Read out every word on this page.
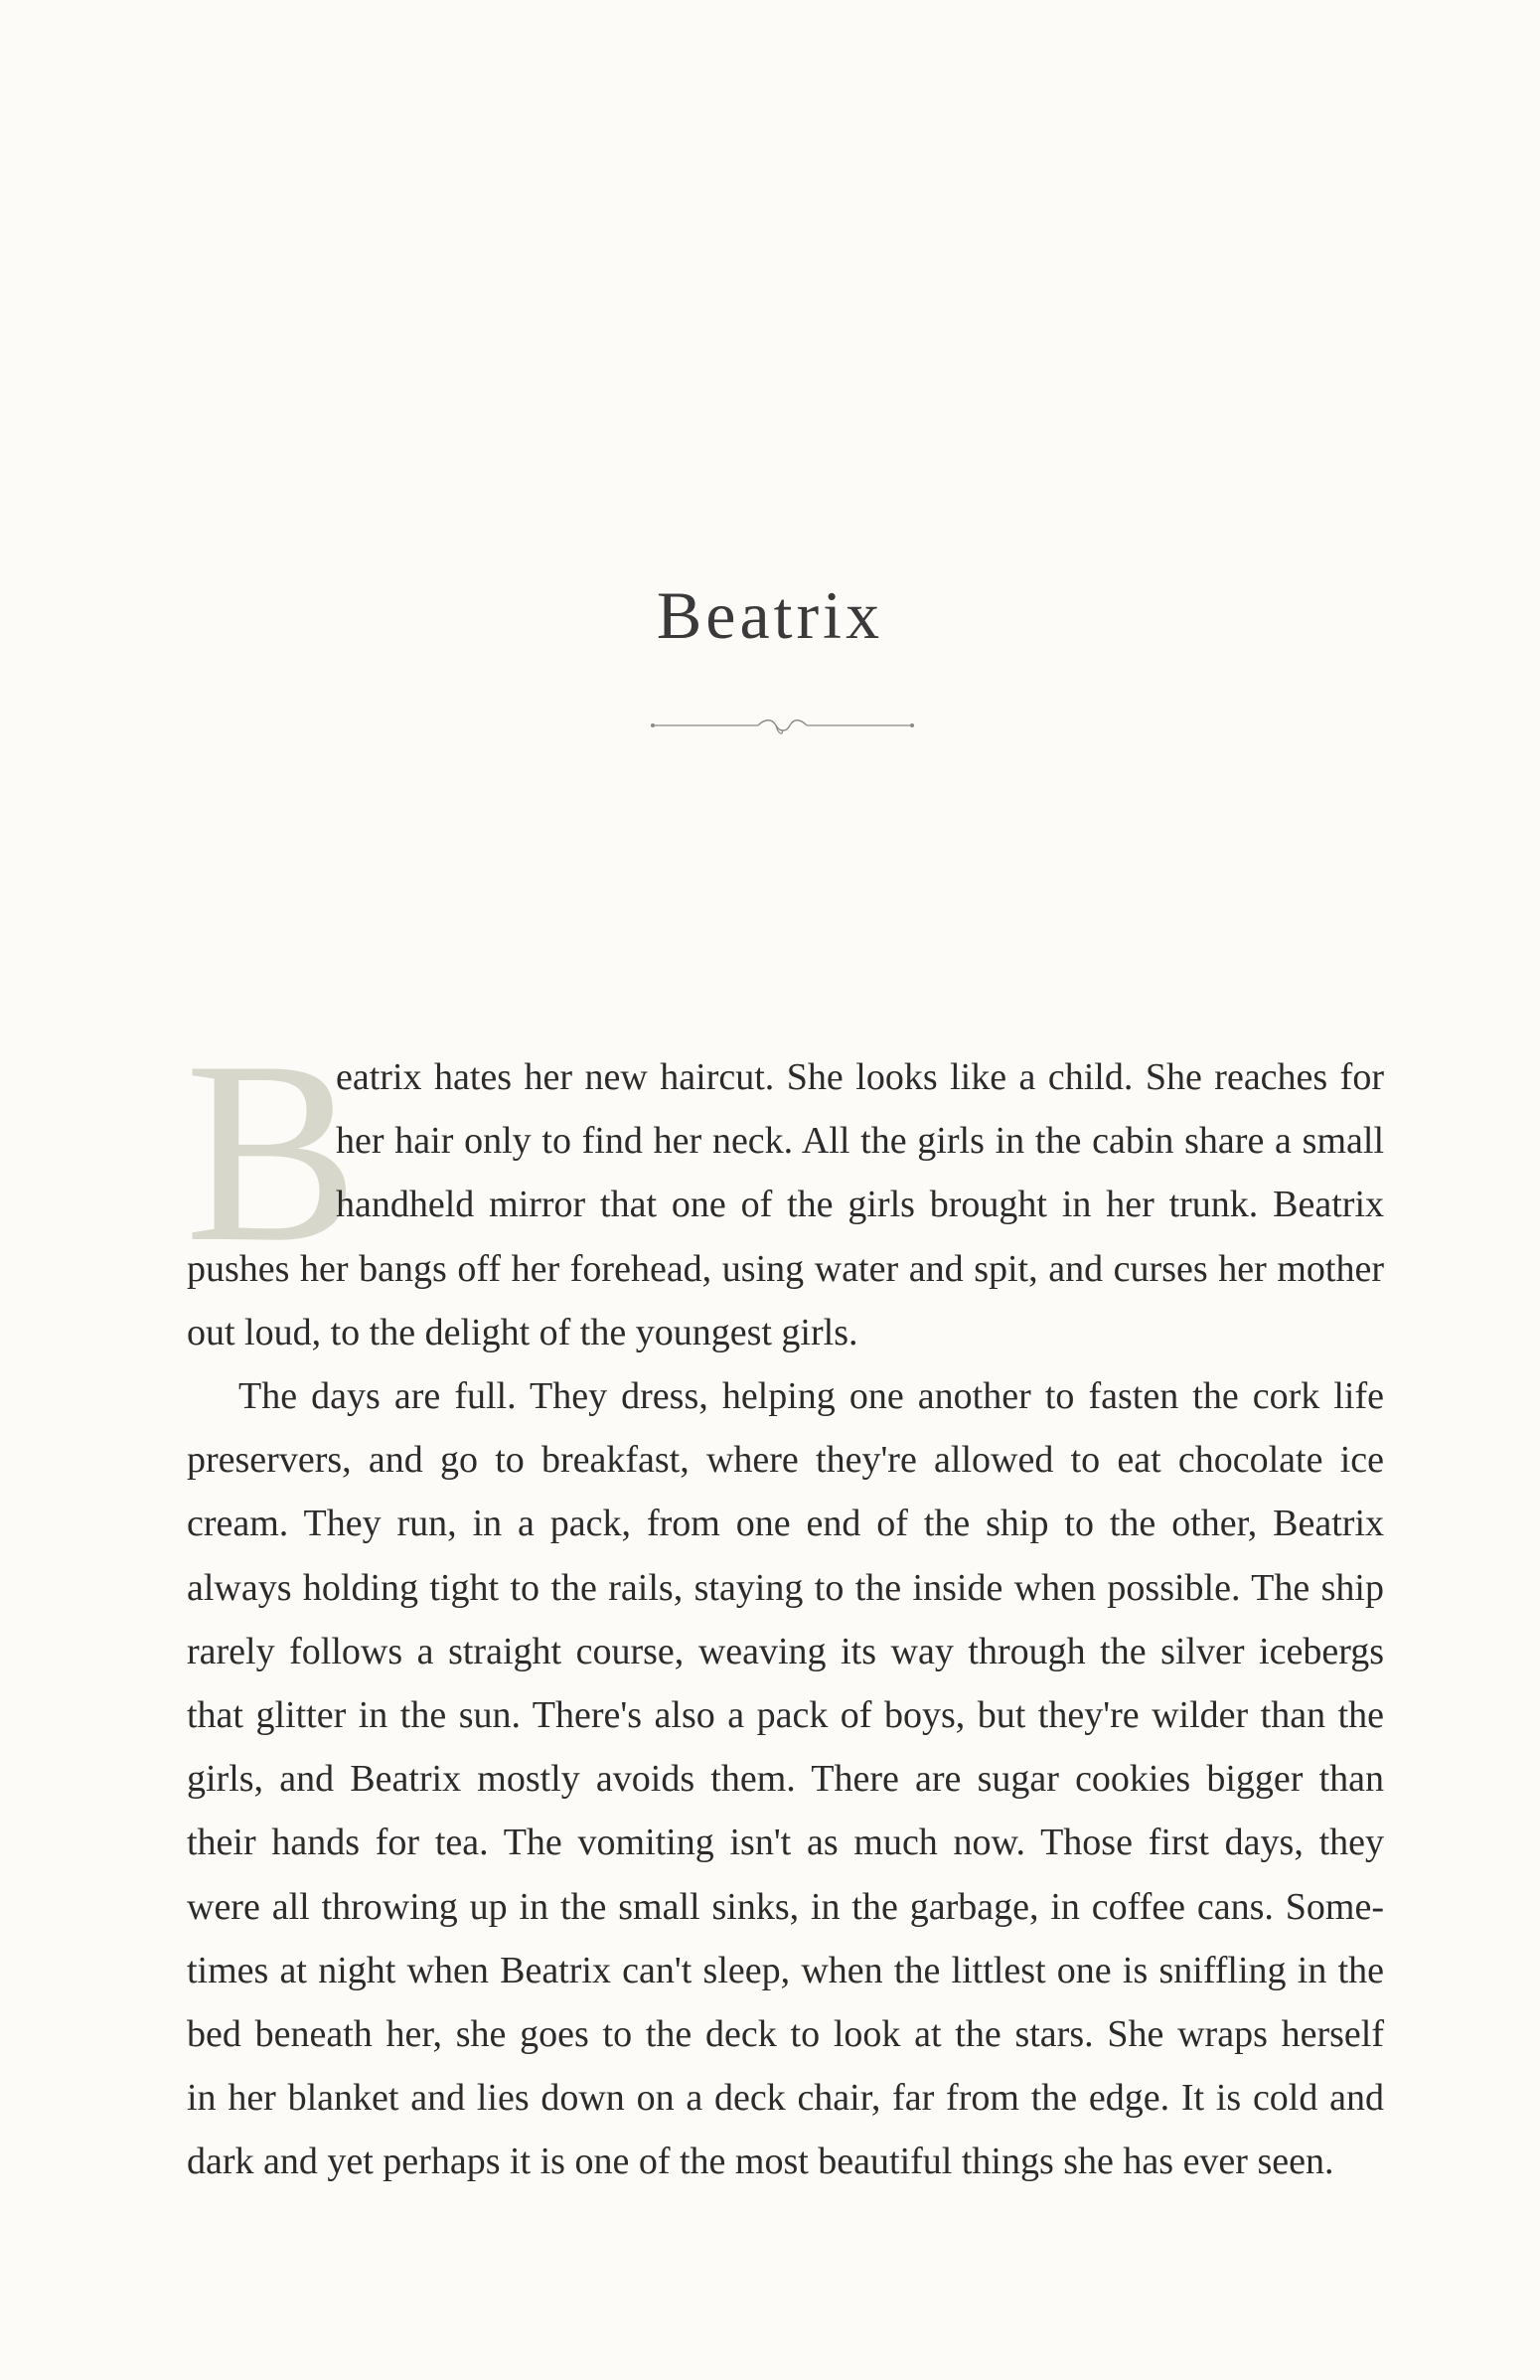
Beatrix
B

eatrix hates her new haircut. She looks like a child. She reaches for
her hair only to find her neck. All the girls in the cabin share a small
handheld mirror that one of the girls brought in her trunk. Beatrix
pushes her bangs off her forehead, using water and spit, and curses her mother
out loud, to the delight of the youngest girls.

The days are full. They dress, helping one another to fasten the cork life
preservers, and go to breakfast, where they're allowed to eat chocolate ice
cream. They run, in a pack, from one end of the ship to the other, Beatrix
always holding tight to the rails, staying to the inside when possible. The ship
rarely follows a straight course, weaving its way through the silver icebergs
that glitter in the sun. There's also a pack of boys, but they're wilder than the
girls, and Beatrix mostly avoids them. There are sugar cookies bigger than
their hands for tea. The vomiting isn't as much now. Those first days, they
were all throwing up in the small sinks, in the garbage, in coffee cans. Some-
times at night when Beatrix can't sleep, when the littlest one is sniffling in the
bed beneath her, she goes to the deck to look at the stars. She wraps herself
in her blanket and lies down on a deck chair, far from the edge. It is cold and
dark and yet perhaps it is one of the most beautiful things she has ever seen.
